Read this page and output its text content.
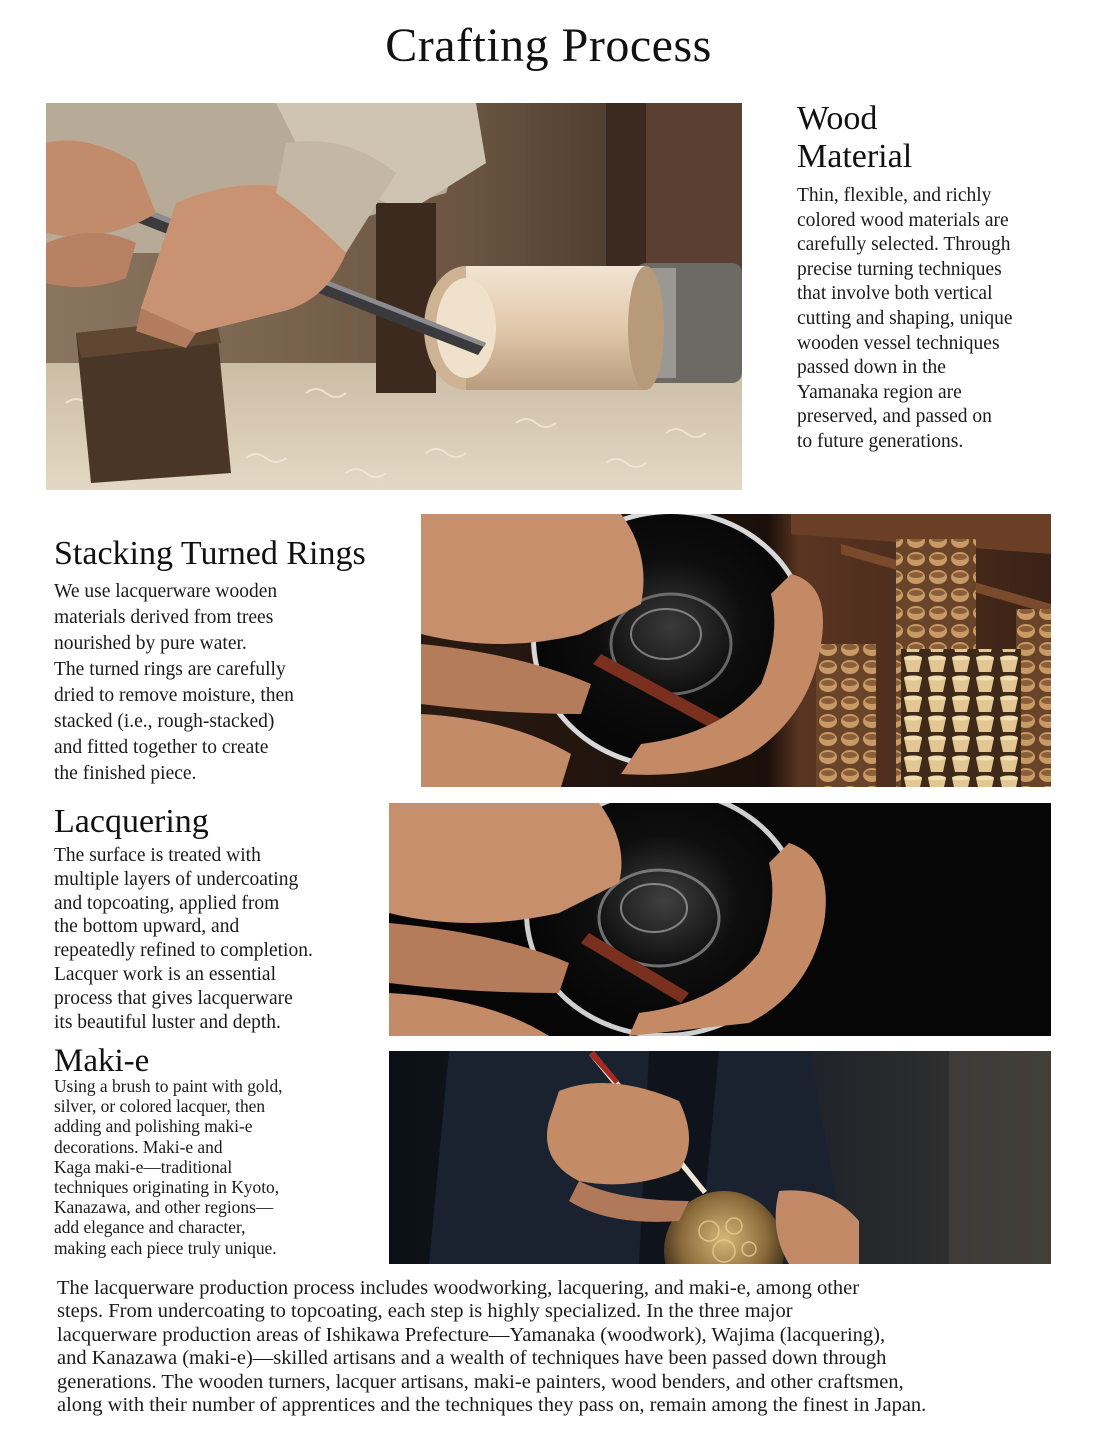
Crafting Process
Wood
Material
Thin, flexible, and richly
colored wood materials are
carefully selected. Through
precise turning techniques
that involve both vertical
cutting and shaping, unique
wooden vessel techniques
passed down in the
Yamanaka region are
preserved, and passed on
to future generations.
Stacking Turned Rings
We use lacquerware wooden
materials derived from trees
nourished by pure water.
The turned rings are carefully
dried to remove moisture, then
stacked (i.e., rough-stacked)
and fitted together to create
the finished piece.
Lacquering
The surface is treated with
multiple layers of undercoating
and topcoating, applied from
the bottom upward, and
repeatedly refined to completion.
Lacquer work is an essential
process that gives lacquerware
its beautiful luster and depth.
Maki-e
Using a brush to paint with gold,
silver, or colored lacquer, then
adding and polishing maki-e
decorations. Maki-e and
Kaga maki-e—traditional
techniques originating in Kyoto,
Kanazawa, and other regions—
add elegance and character,
making each piece truly unique.
The lacquerware production process includes woodworking, lacquering, and maki-e, among other
steps. From undercoating to topcoating, each step is highly specialized. In the three major
lacquerware production areas of Ishikawa Prefecture—Yamanaka (woodwork), Wajima (lacquering),
and Kanazawa (maki-e)—skilled artisans and a wealth of techniques have been passed down through
generations. The wooden turners, lacquer artisans, maki-e painters, wood benders, and other craftsmen,
along with their number of apprentices and the techniques they pass on, remain among the finest in Japan.
